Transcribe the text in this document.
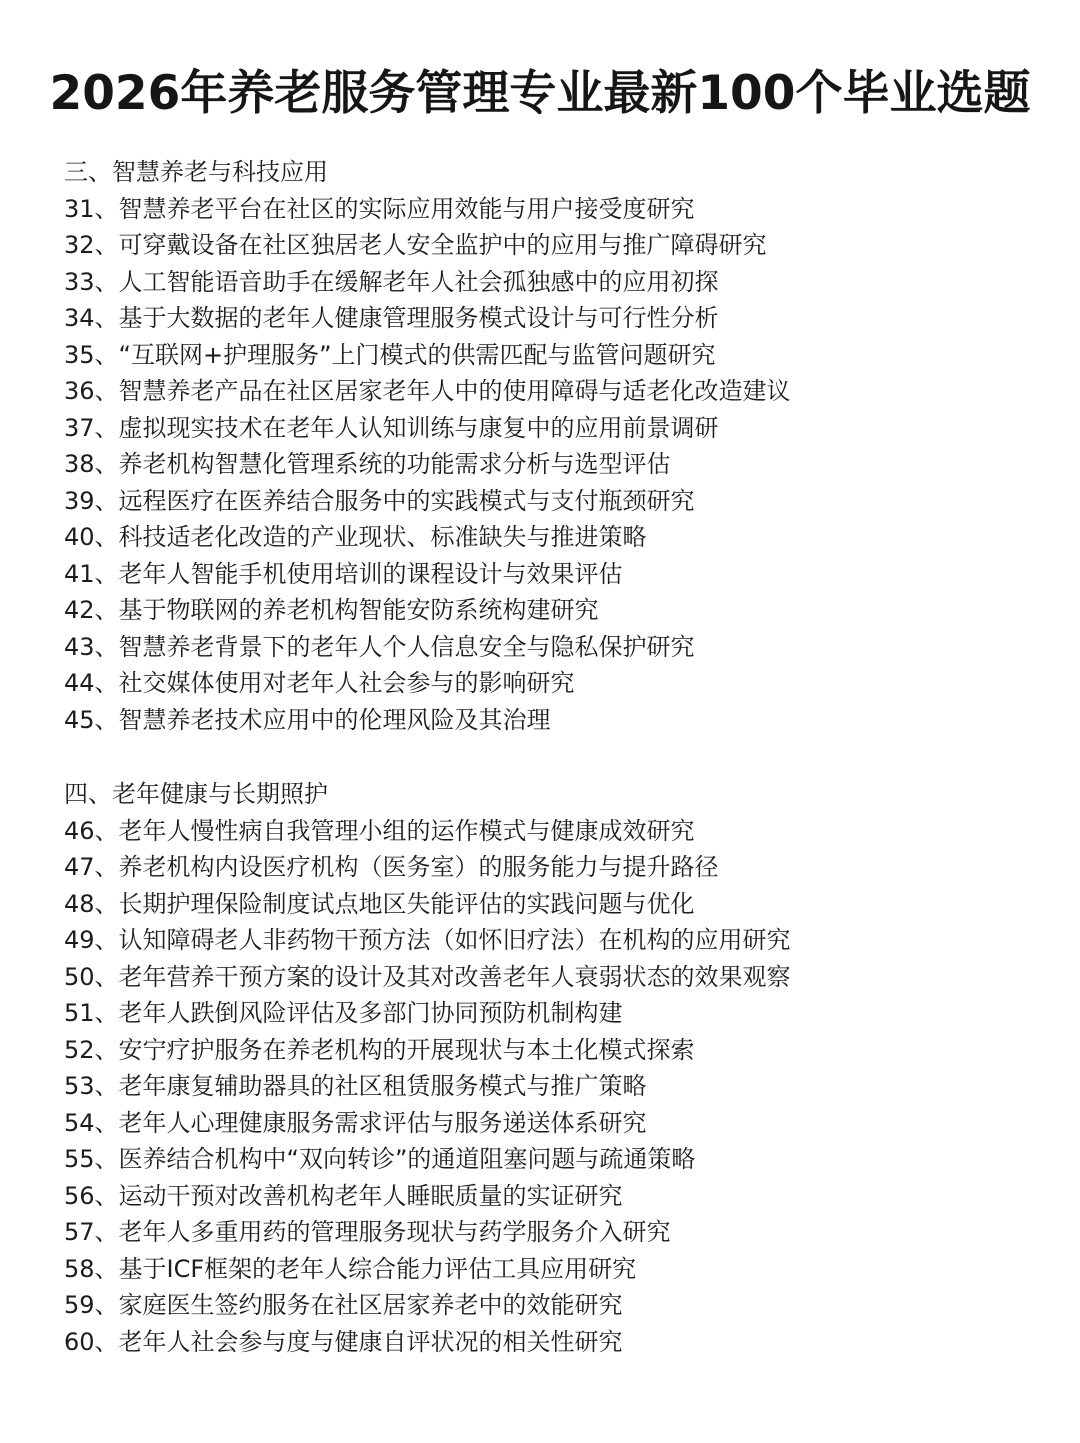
2026年养老服务管理专业最新100个毕业选题
三、智慧养老与科技应用
31、智慧养老平台在社区的实际应用效能与用户接受度研究
32、可穿戴设备在社区独居老人安全监护中的应用与推广障碍研究
33、人工智能语音助手在缓解老年人社会孤独感中的应用初探
34、基于大数据的老年人健康管理服务模式设计与可行性分析
35、“互联网+护理服务”上门模式的供需匹配与监管问题研究
36、智慧养老产品在社区居家老年人中的使用障碍与适老化改造建议
37、虚拟现实技术在老年人认知训练与康复中的应用前景调研
38、养老机构智慧化管理系统的功能需求分析与选型评估
39、远程医疗在医养结合服务中的实践模式与支付瓶颈研究
40、科技适老化改造的产业现状、标准缺失与推进策略
41、老年人智能手机使用培训的课程设计与效果评估
42、基于物联网的养老机构智能安防系统构建研究
43、智慧养老背景下的老年人个人信息安全与隐私保护研究
44、社交媒体使用对老年人社会参与的影响研究
45、智慧养老技术应用中的伦理风险及其治理
四、老年健康与长期照护
46、老年人慢性病自我管理小组的运作模式与健康成效研究
47、养老机构内设医疗机构（医务室）的服务能力与提升路径
48、长期护理保险制度试点地区失能评估的实践问题与优化
49、认知障碍老人非药物干预方法（如怀旧疗法）在机构的应用研究
50、老年营养干预方案的设计及其对改善老年人衰弱状态的效果观察
51、老年人跌倒风险评估及多部门协同预防机制构建
52、安宁疗护服务在养老机构的开展现状与本土化模式探索
53、老年康复辅助器具的社区租赁服务模式与推广策略
54、老年人心理健康服务需求评估与服务递送体系研究
55、医养结合机构中“双向转诊”的通道阻塞问题与疏通策略
56、运动干预对改善机构老年人睡眠质量的实证研究
57、老年人多重用药的管理服务现状与药学服务介入研究
58、基于ICF框架的老年人综合能力评估工具应用研究
59、家庭医生签约服务在社区居家养老中的效能研究
60、老年人社会参与度与健康自评状况的相关性研究
